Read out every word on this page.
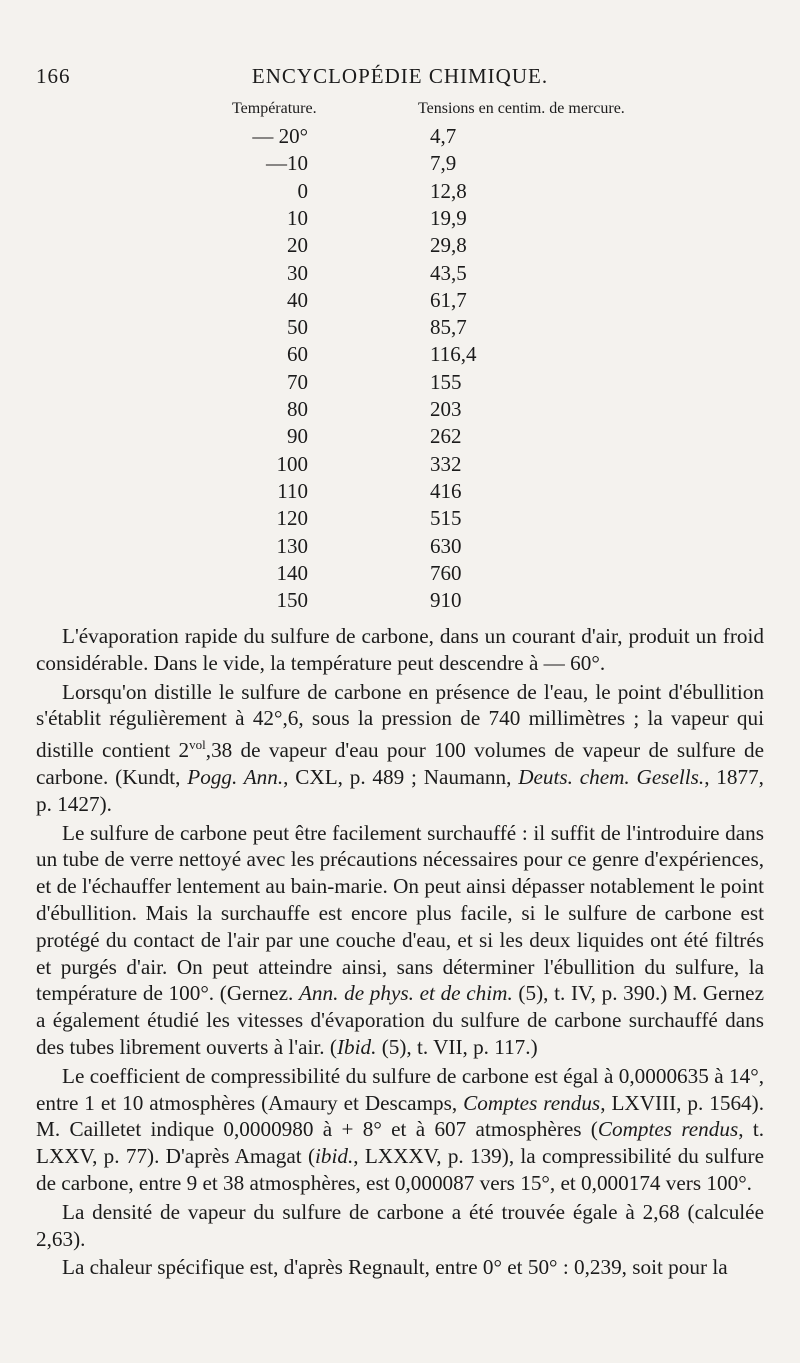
166	ENCYCLOPÉDIE CHIMIQUE.
Température.	Tensions en centim. de mercure.
— 20°	4,7
—10	7,9
0	12,8
10	19,9
20	29,8
30	43,5
40	61,7
50	85,7
60	116,4
70	155
80	203
90	262
100	332
110	416
120	515
130	630
140	760
150	910

L'évaporation rapide du sulfure de carbone, dans un courant d'air, produit un froid considérable. Dans le vide, la température peut descendre à — 60°.

Lorsqu'on distille le sulfure de carbone en présence de l'eau, le point d'ébullition s'établit régulièrement à 42°,6, sous la pression de 740 millimètres ; la vapeur qui distille contient $2^{vol},38$ de vapeur d'eau pour 100 volumes de vapeur de sulfure de carbone. (Kundt, Pogg. Ann., CXL, p. 489 ; Naumann, Deuts. chem. Gesells., 1877, p. 1427).

Le sulfure de carbone peut être facilement surchauffé : il suffit de l'introduire dans un tube de verre nettoyé avec les précautions nécessaires pour ce genre d'expériences, et de l'échauffer lentement au bain-marie. On peut ainsi dépasser notablement le point d'ébullition. Mais la surchauffe est encore plus facile, si le sulfure de carbone est protégé du contact de l'air par une couche d'eau, et si les deux liquides ont été filtrés et purgés d'air. On peut atteindre ainsi, sans déterminer l'ébullition du sulfure, la température de 100°. (Gernez. Ann. de phys. et de chim. (5), t. IV, p. 390.) M. Gernez a également étudié les vitesses d'évaporation du sulfure de carbone surchauffé dans des tubes librement ouverts à l'air. (Ibid. (5), t. VII, p. 117.)

Le coefficient de compressibilité du sulfure de carbone est égal à 0,0000635 à 14°, entre 1 et 10 atmosphères (Amaury et Descamps, Comptes rendus, LXVIII, p. 1564). M. Cailletet indique 0,0000980 à + 8° et à 607 atmosphères (Comptes rendus, t. LXXV, p. 77). D'après Amagat (ibid., LXXXV, p. 139), la compressibilité du sulfure de carbone, entre 9 et 38 atmosphères, est 0,000087 vers 15°, et 0,000174 vers 100°.

La densité de vapeur du sulfure de carbone a été trouvée égale à 2,68 (calculée 2,63).

La chaleur spécifique est, d'après Regnault, entre 0° et 50° : 0,239, soit pour la
